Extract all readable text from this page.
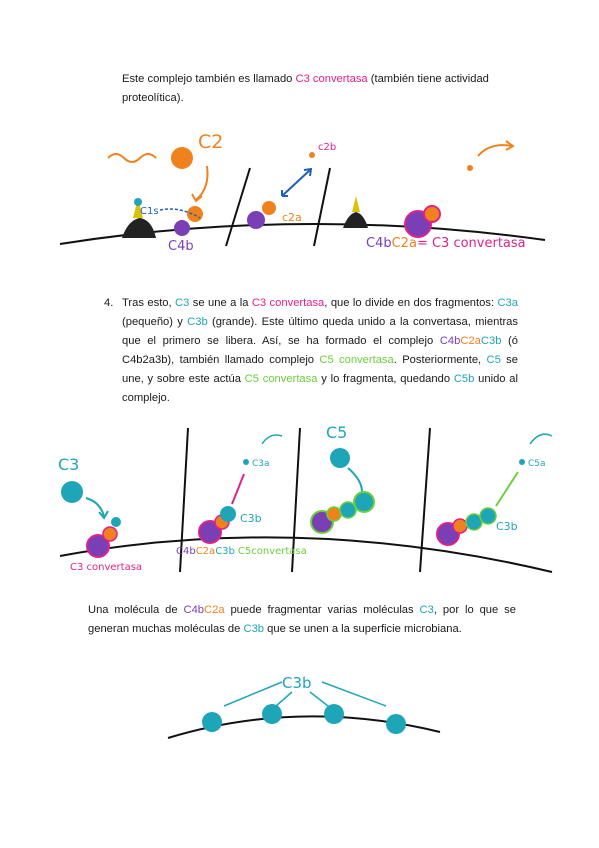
Este complejo también es llamado C3 convertasa (también tiene actividad proteolítica).
C2
C1s
C4b
c2a
c2b
C4bC2a= C3 convertasa
4. Tras esto, C3 se une a la C3 convertasa, que lo divide en dos fragmentos: C3a (pequeño) y C3b (grande). Este último queda unido a la convertasa, mientras que el primero se libera. Así, se ha formado el complejo C4bC2aC3b (ó C4b2a3b), también llamado complejo C5 convertasa. Posteriormente, C5 se une, y sobre este actúa C5 convertasa y lo fragmenta, quedando C5b unido al complejo.
C3
C3 convertasa
C3b
C3a
C4bC2aC3b C5convertasa
C5
C3b
C5a
Una molécula de C4bC2a puede fragmentar varias moléculas C3, por lo que se generan muchas moléculas de C3b que se unen a la superficie microbiana.
C3b
